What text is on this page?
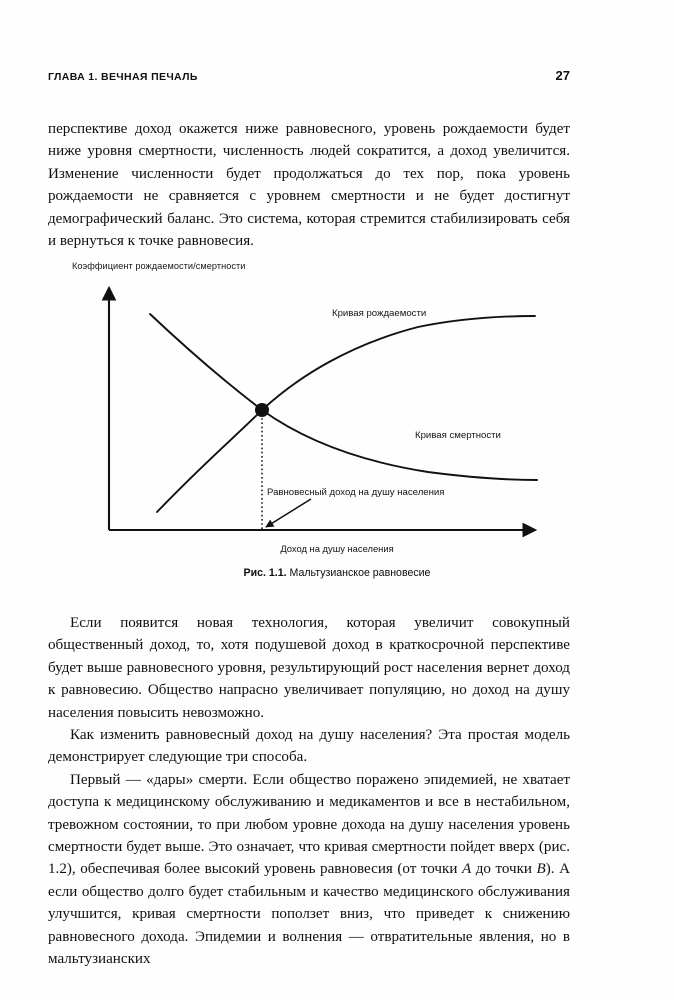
ГЛАВА 1. ВЕЧНАЯ ПЕЧАЛЬ	27

перспективе доход окажется ниже равновесного, уровень рождаемости будет ниже уровня смертности, численность людей сократится, а доход увеличится. Изменение численности будет продолжаться до тех пор, пока уровень рождаемости не сравняется с уровнем смертности и не будет достигнут демографический баланс. Это система, которая стремится стабилизировать себя и вернуться к точке равновесия.

Коэффициент рождаемости/смертности
Кривая рождаемости
Кривая смертности
Равновесный доход на душу населения
Доход на душу населения
Рис. 1.1. Мальтузианское равновесие

Если появится новая технология, которая увеличит совокупный общественный доход, то, хотя подушевой доход в краткосрочной перспективе будет выше равновесного уровня, результирующий рост населения вернет доход к равновесию. Общество напрасно увеличивает популяцию, но доход на душу населения повысить невозможно.

Как изменить равновесный доход на душу населения? Эта простая модель демонстрирует следующие три способа.

Первый — «дары» смерти. Если общество поражено эпидемией, не хватает доступа к медицинскому обслуживанию и медикаментов и все в нестабильном, тревожном состоянии, то при любом уровне дохода на душу населения уровень смертности будет выше. Это означает, что кривая смертности пойдет вверх (рис. 1.2), обеспечивая более высокий уровень равновесия (от точки A до точки B). А если общество долго будет стабильным и качество медицинского обслуживания улучшится, кривая смертности поползет вниз, что приведет к снижению равновесного дохода. Эпидемии и волнения — отвратительные явления, но в мальтузианских
